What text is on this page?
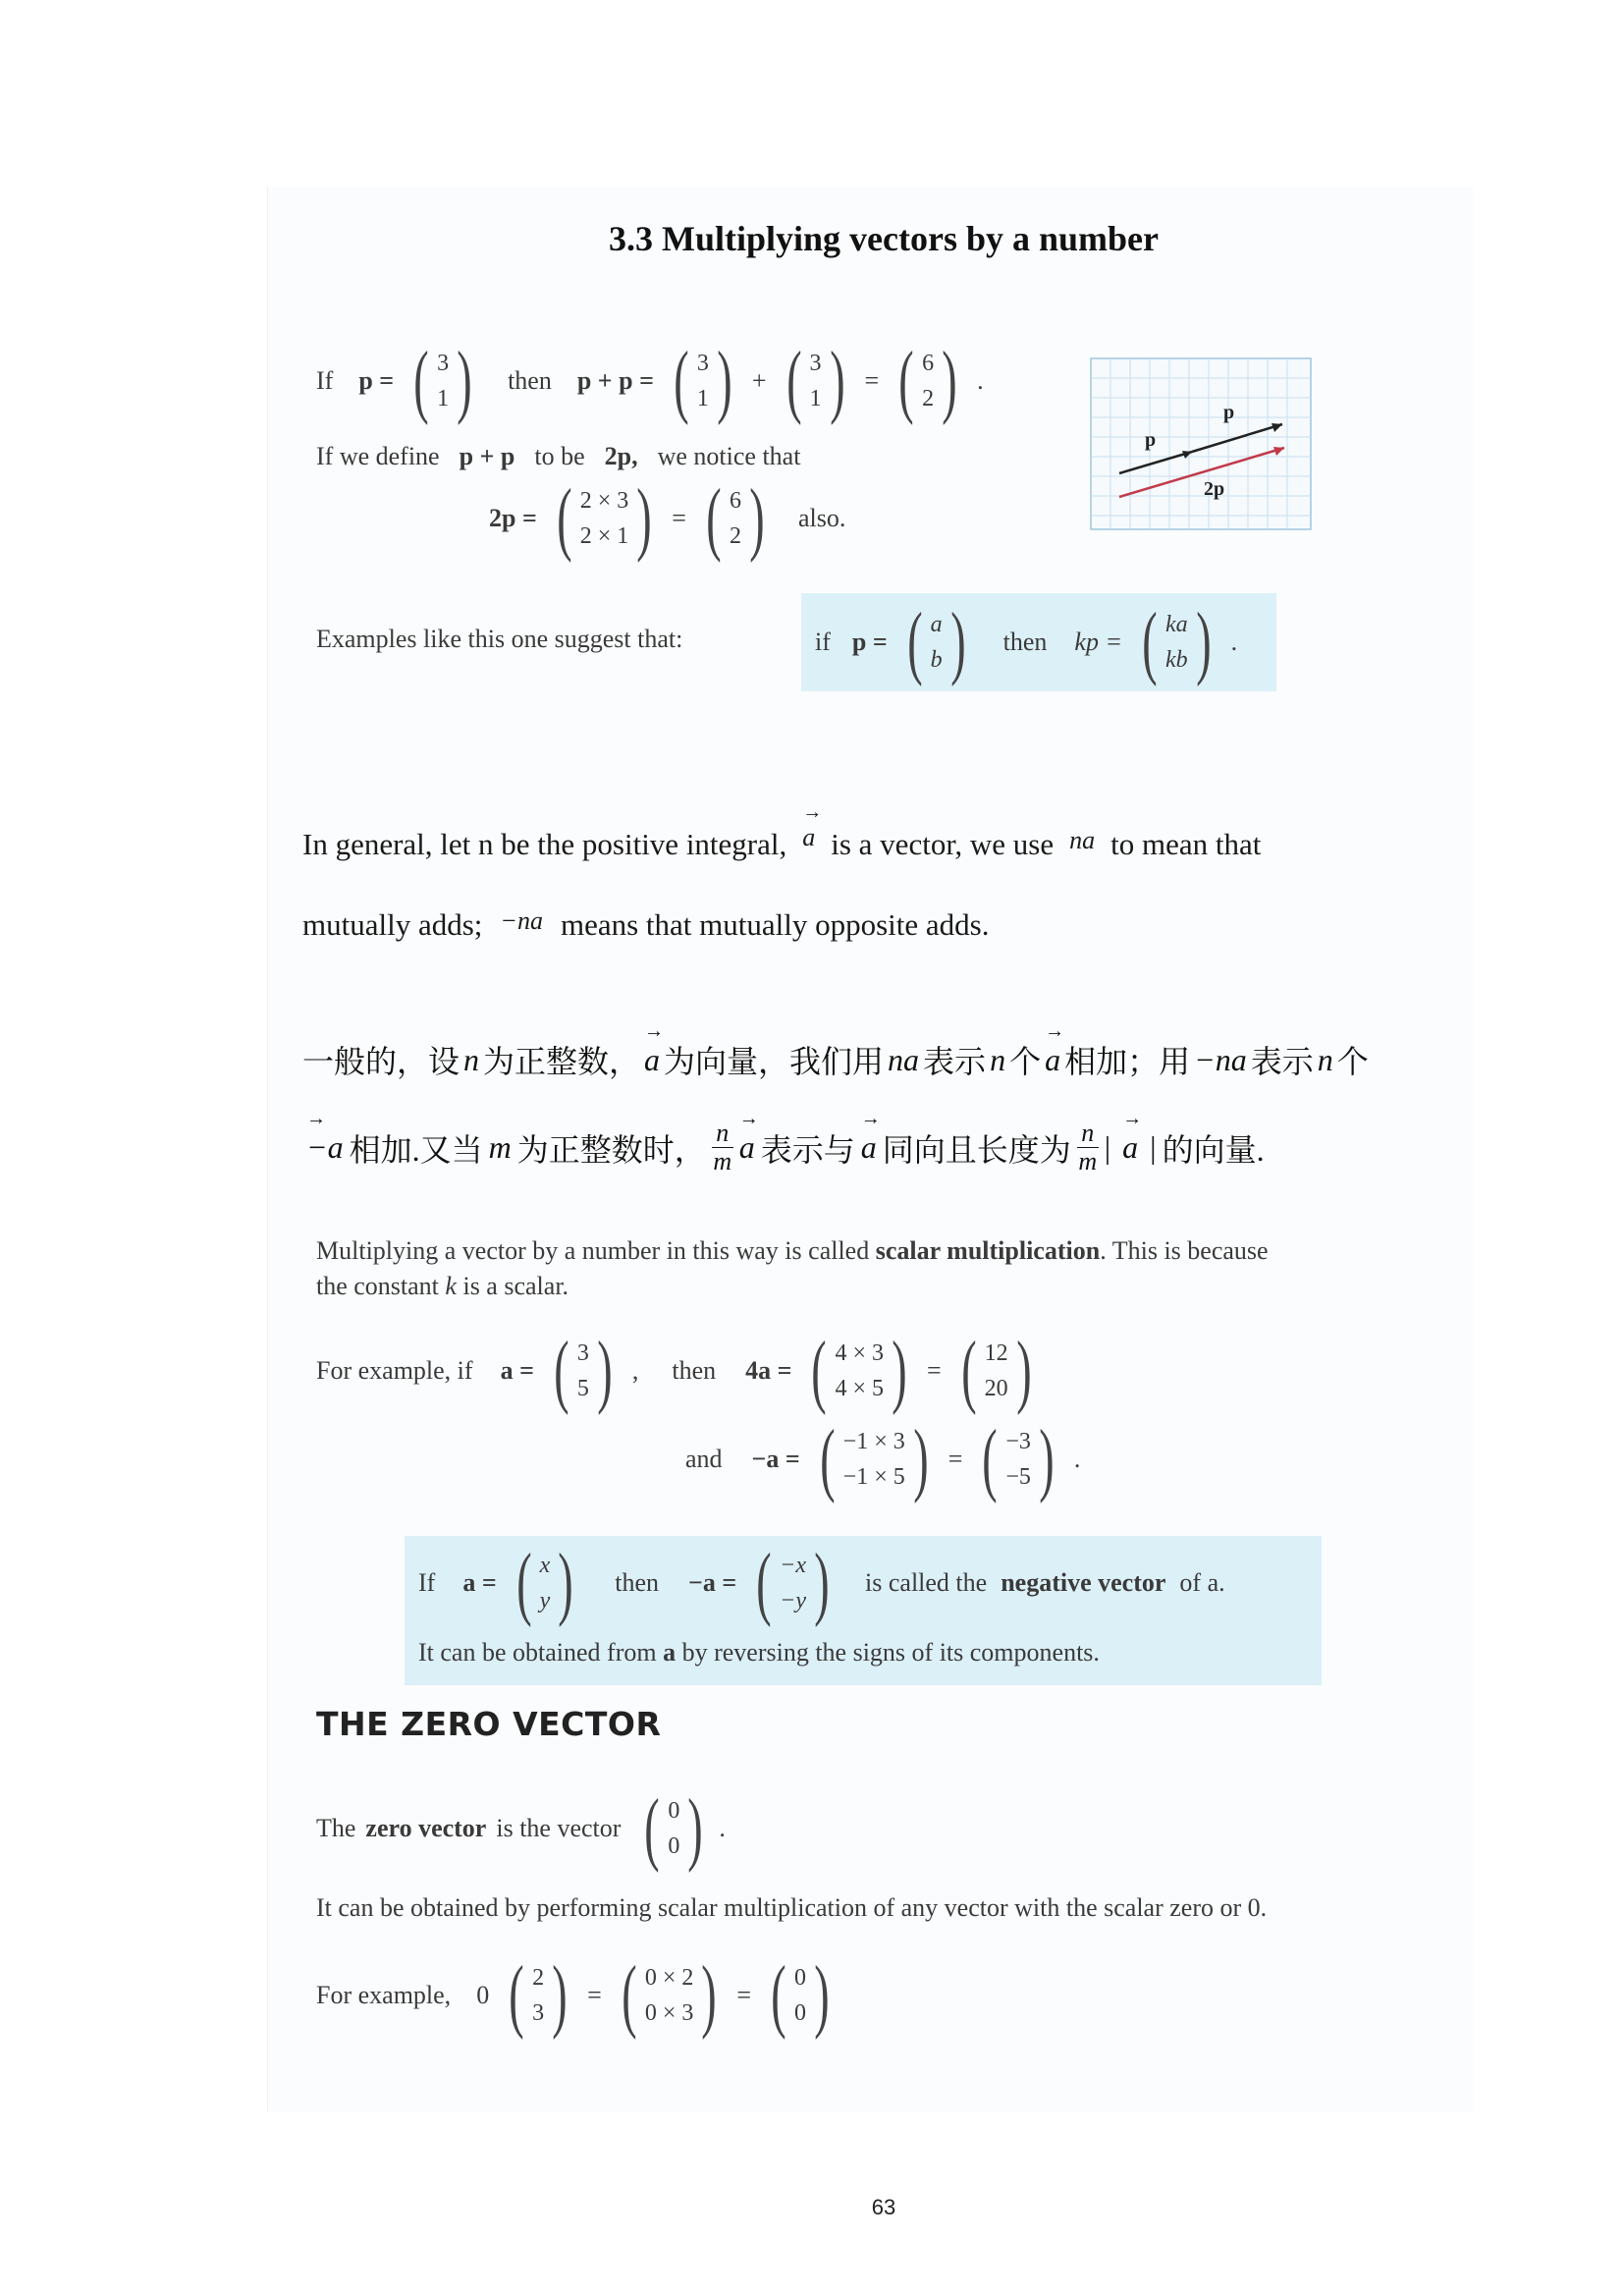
3.3 Multiplying vectors by a number
If p = ( 3
1 ) then p + p = ( 3
1 ) + ( 3
1 ) = ( 6
2 ) .
If we define p + p to be 2p, we notice that
2p = ( 2 × 3
2 × 1 ) = ( 6
2 ) also.
p
p
2p
Examples like this one suggest that:	if p = ( a
b ) then kp = ( ka
kb ) .
In general, let n be the positive integral,
→ a is a vector, we use na to mean that
mutually adds; −na means that mutually opposite adds.
一般的，设 n 为正整数，
→ a 为向量，我们用 na 表示 n 个
→ a 相加；用 −na 表示 n 个
→ −a 相加.又当 m 为正整数时， $\frac{n}{m}$
→ a 表示与
→ a 同向且长度为 $\frac{n}{m}$ |
→ a | 的向量.
Multiplying a vector by a number in this way is called scalar multiplication. This is because
the constant k is a scalar.
For example, if a = ( 3
5 ) , then 4a = ( 4 × 3
4 × 5 ) = ( 12
20 )
and −a = ( −1 × 3
−1 × 5 ) = ( −3
−5 ) .
If a = ( x
y ) then −a = ( −x
−y ) is called the negative vector of a.
It can be obtained from a by reversing the signs of its components.
THE ZERO VECTOR
The zero vector is the vector ( 0
0 ) .
It can be obtained by performing scalar multiplication of any vector with the scalar zero or 0.
For example, 0 ( 2
3 ) = ( 0 × 2
0 × 3 ) = ( 0
0 )
63
